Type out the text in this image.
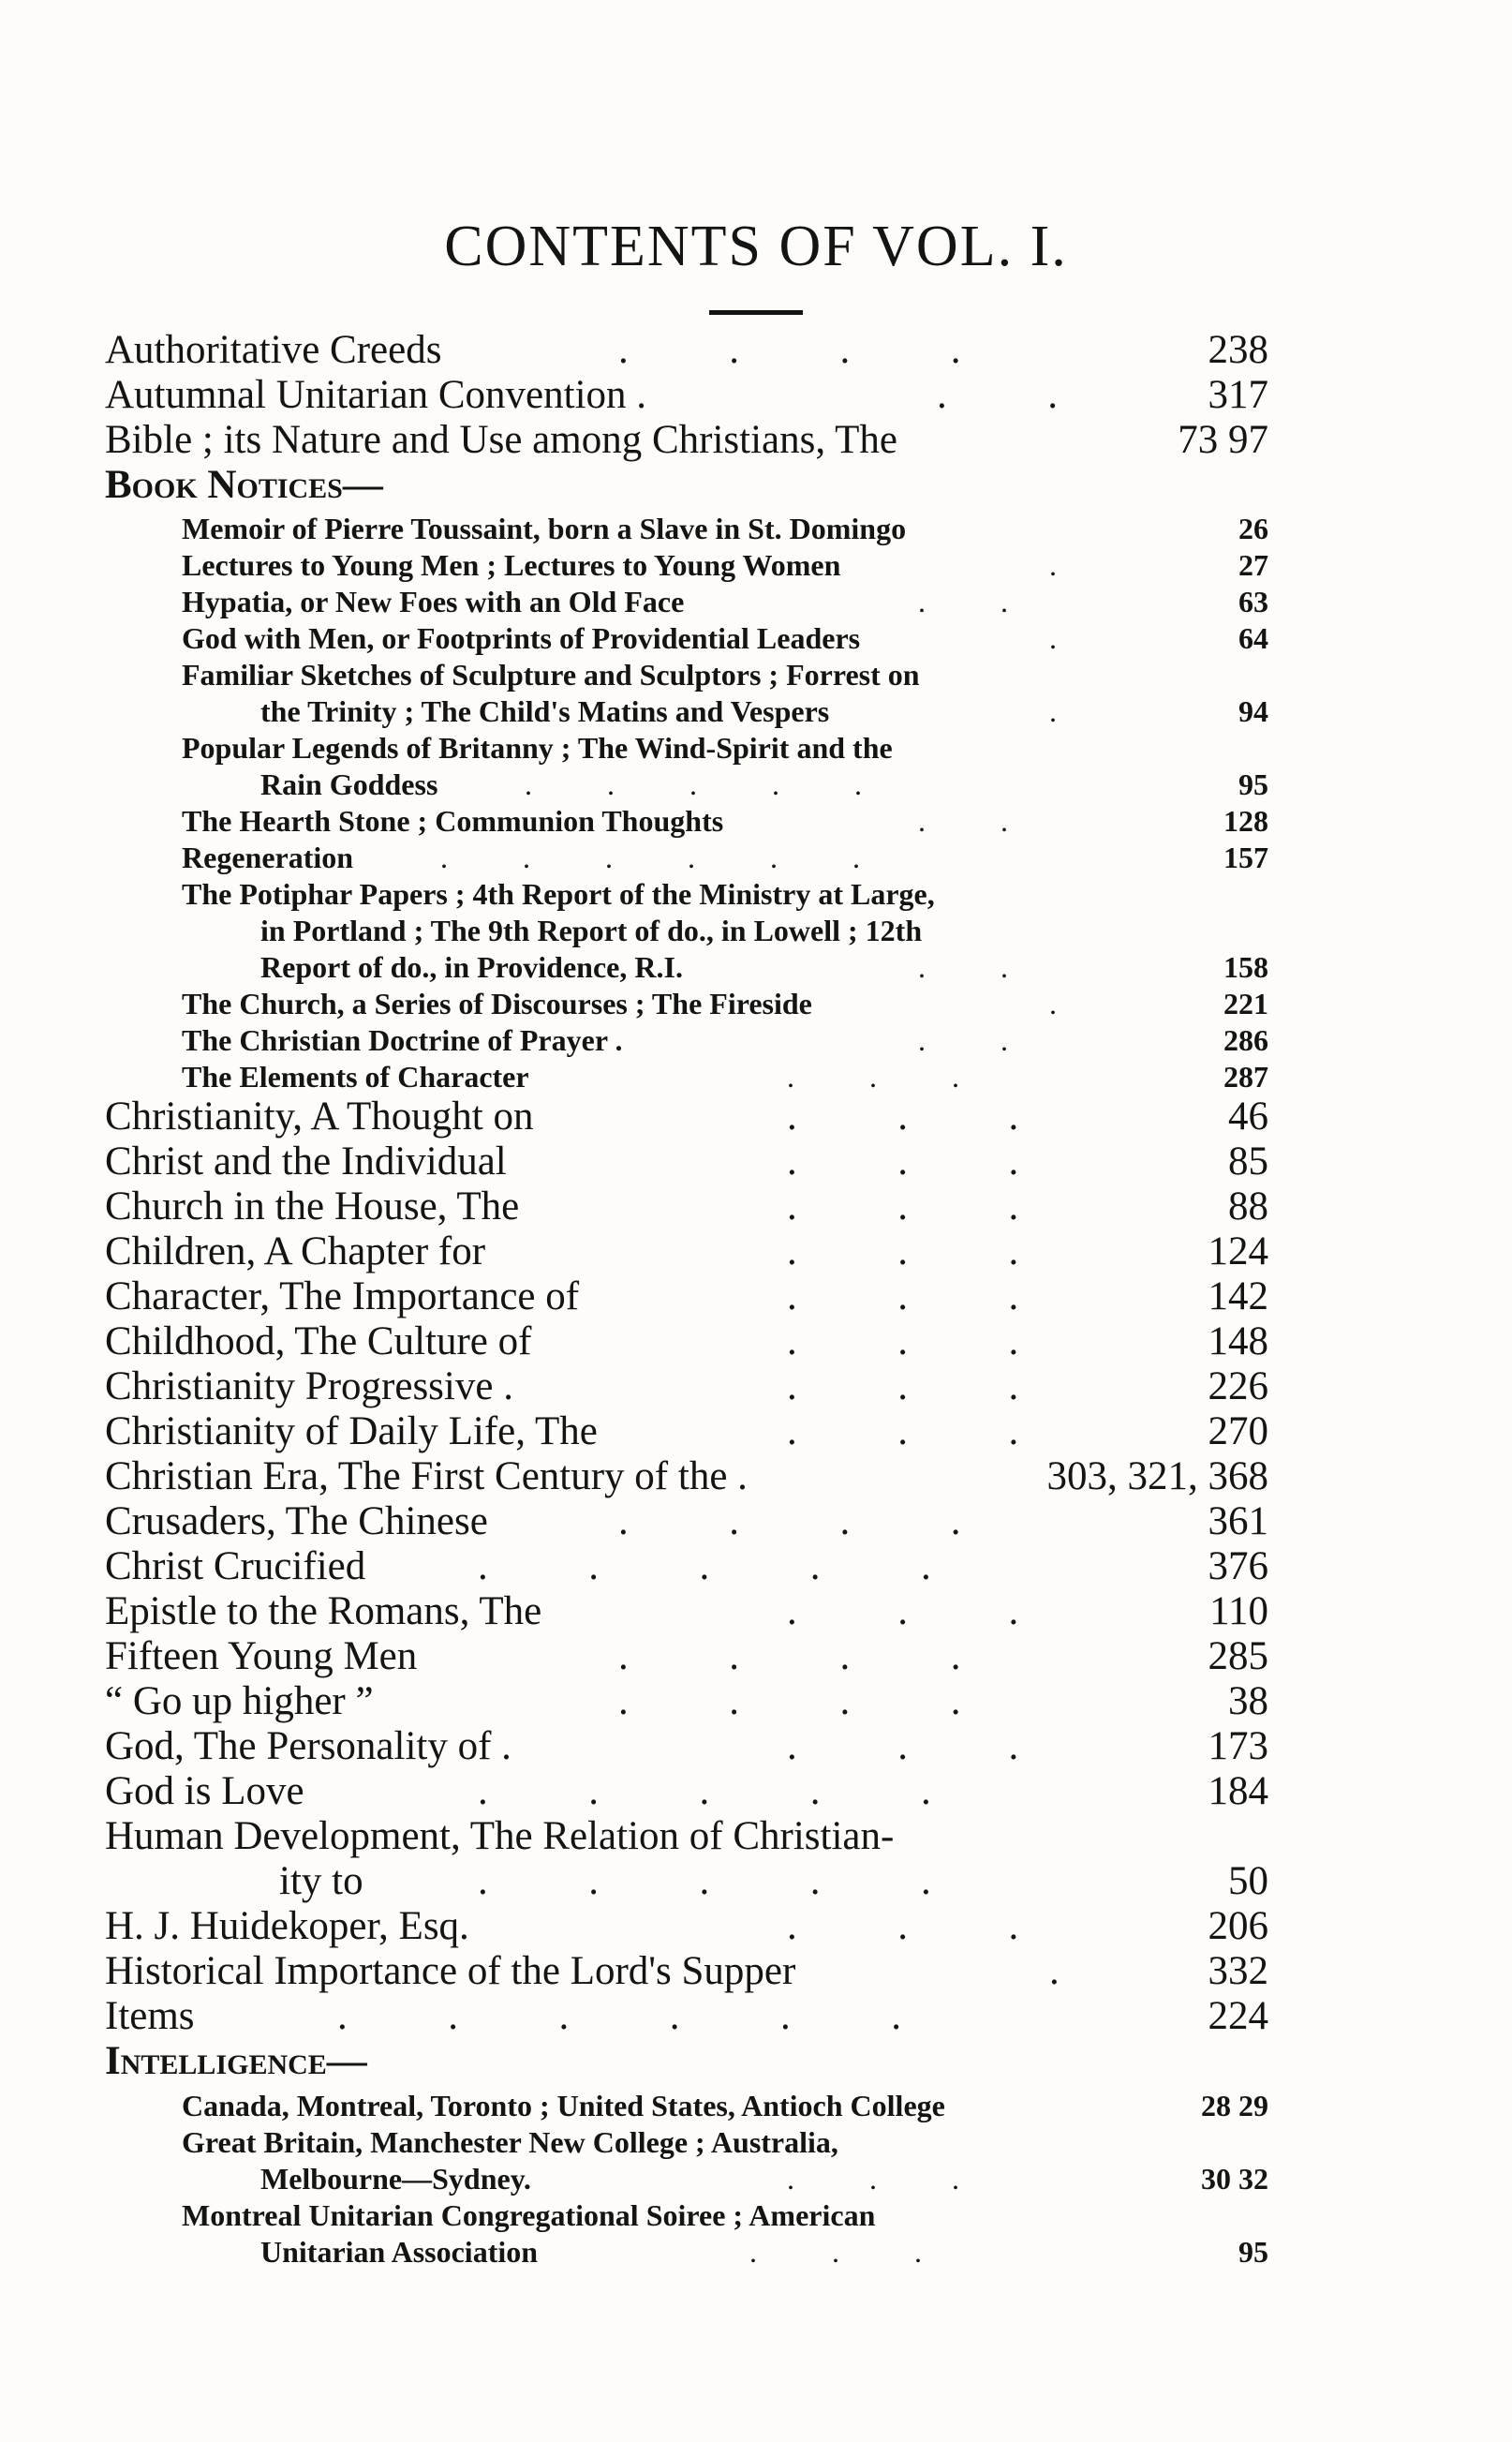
CONTENTS OF VOL. I.
Authoritative Creeds	.   .   .   .	238
Autumnal Unitarian Convention .	.   .	317
Bible ; its Nature and Use among Christians, The	73 97
Book Notices—
Memoir of Pierre Toussaint, born a Slave in St. Domingo	26
Lectures to Young Men ; Lectures to Young Women	.	27
Hypatia, or New Foes with an Old Face	.   .	63
God with Men, or Footprints of Providential Leaders	.	64
Familiar Sketches of Sculpture and Sculptors ; Forrest on
the Trinity ; The Child's Matins and Vespers	.	94
Popular Legends of Britanny ; The Wind-Spirit and the
Rain Goddess	.   .   .   .   .	95
The Hearth Stone ; Communion Thoughts	.   .	128
Regeneration	.   .   .   .   .   .	157
The Potiphar Papers ; 4th Report of the Ministry at Large,
in Portland ; The 9th Report of do., in Lowell ; 12th
Report of do., in Providence, R.I.	.   .	158
The Church, a Series of Discourses ; The Fireside	.	221
The Christian Doctrine of Prayer .	.   .	286
The Elements of Character	.   .   .	287
Christianity, A Thought on	.   .   .	46
Christ and the Individual	.   .   .	85
Church in the House, The	.   .   .	88
Children, A Chapter for	.   .   .	124
Character, The Importance of	.   .   .	142
Childhood, The Culture of	.   .   .	148
Christianity Progressive .	.   .   .	226
Christianity of Daily Life, The	.   .   .	270
Christian Era, The First Century of the .	303, 321, 368
Crusaders, The Chinese	.   .   .   .	361
Christ Crucified	.   .   .   .   .	376
Epistle to the Romans, The	.   .   .	110
Fifteen Young Men	.   .   .   .	285
“ Go up higher ”	.   .   .   .	38
God, The Personality of .	.   .   .	173
God is Love	.   .   .   .   .	184
Human Development, The Relation of Christian-
ity to	.   .   .   .   .	50
H. J. Huidekoper, Esq.	.   .   .	206
Historical Importance of the Lord's Supper	.	332
Items	.   .   .   .   .   .	224
Intelligence—
Canada, Montreal, Toronto ; United States, Antioch College	28 29
Great Britain, Manchester New College ; Australia,
Melbourne—Sydney.	.   .   .	30 32
Montreal Unitarian Congregational Soiree ; American
Unitarian Association	.   .   .	95
